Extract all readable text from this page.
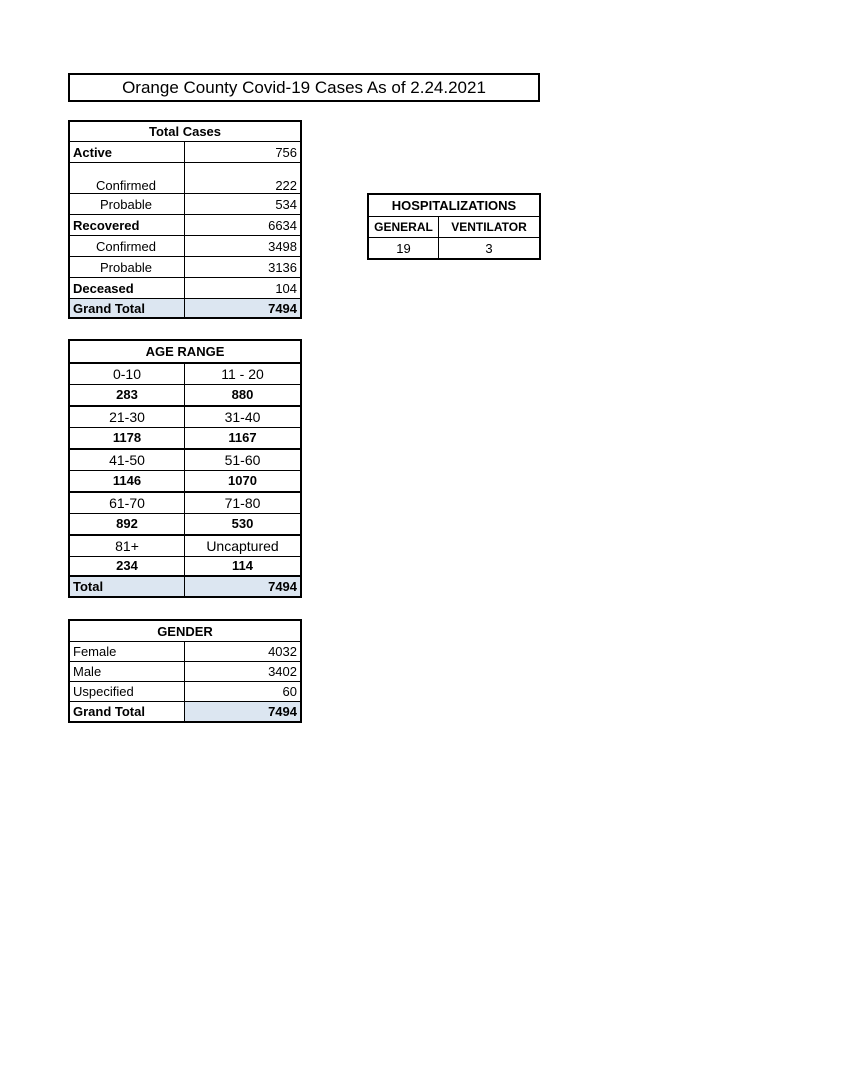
Orange County Covid-19 Cases As of 2.24.2021
Total Cases	
Active	756
Confirmed	222
Probable	534
Recovered	6634
Confirmed	3498
Probable	3136
Deceased	104
Grand Total	7494
HOSPITALIZATIONS	
GENERAL	VENTILATOR
19	3
AGE RANGE	
0-10	11 - 20
283	880
21-30	31-40
1178	1167
41-50	51-60
1146	1070
61-70	71-80
892	530
81+	Uncaptured
234	114
Total	7494
GENDER	
Female	4032
Male	3402
Uspecified	60
Grand Total	7494
